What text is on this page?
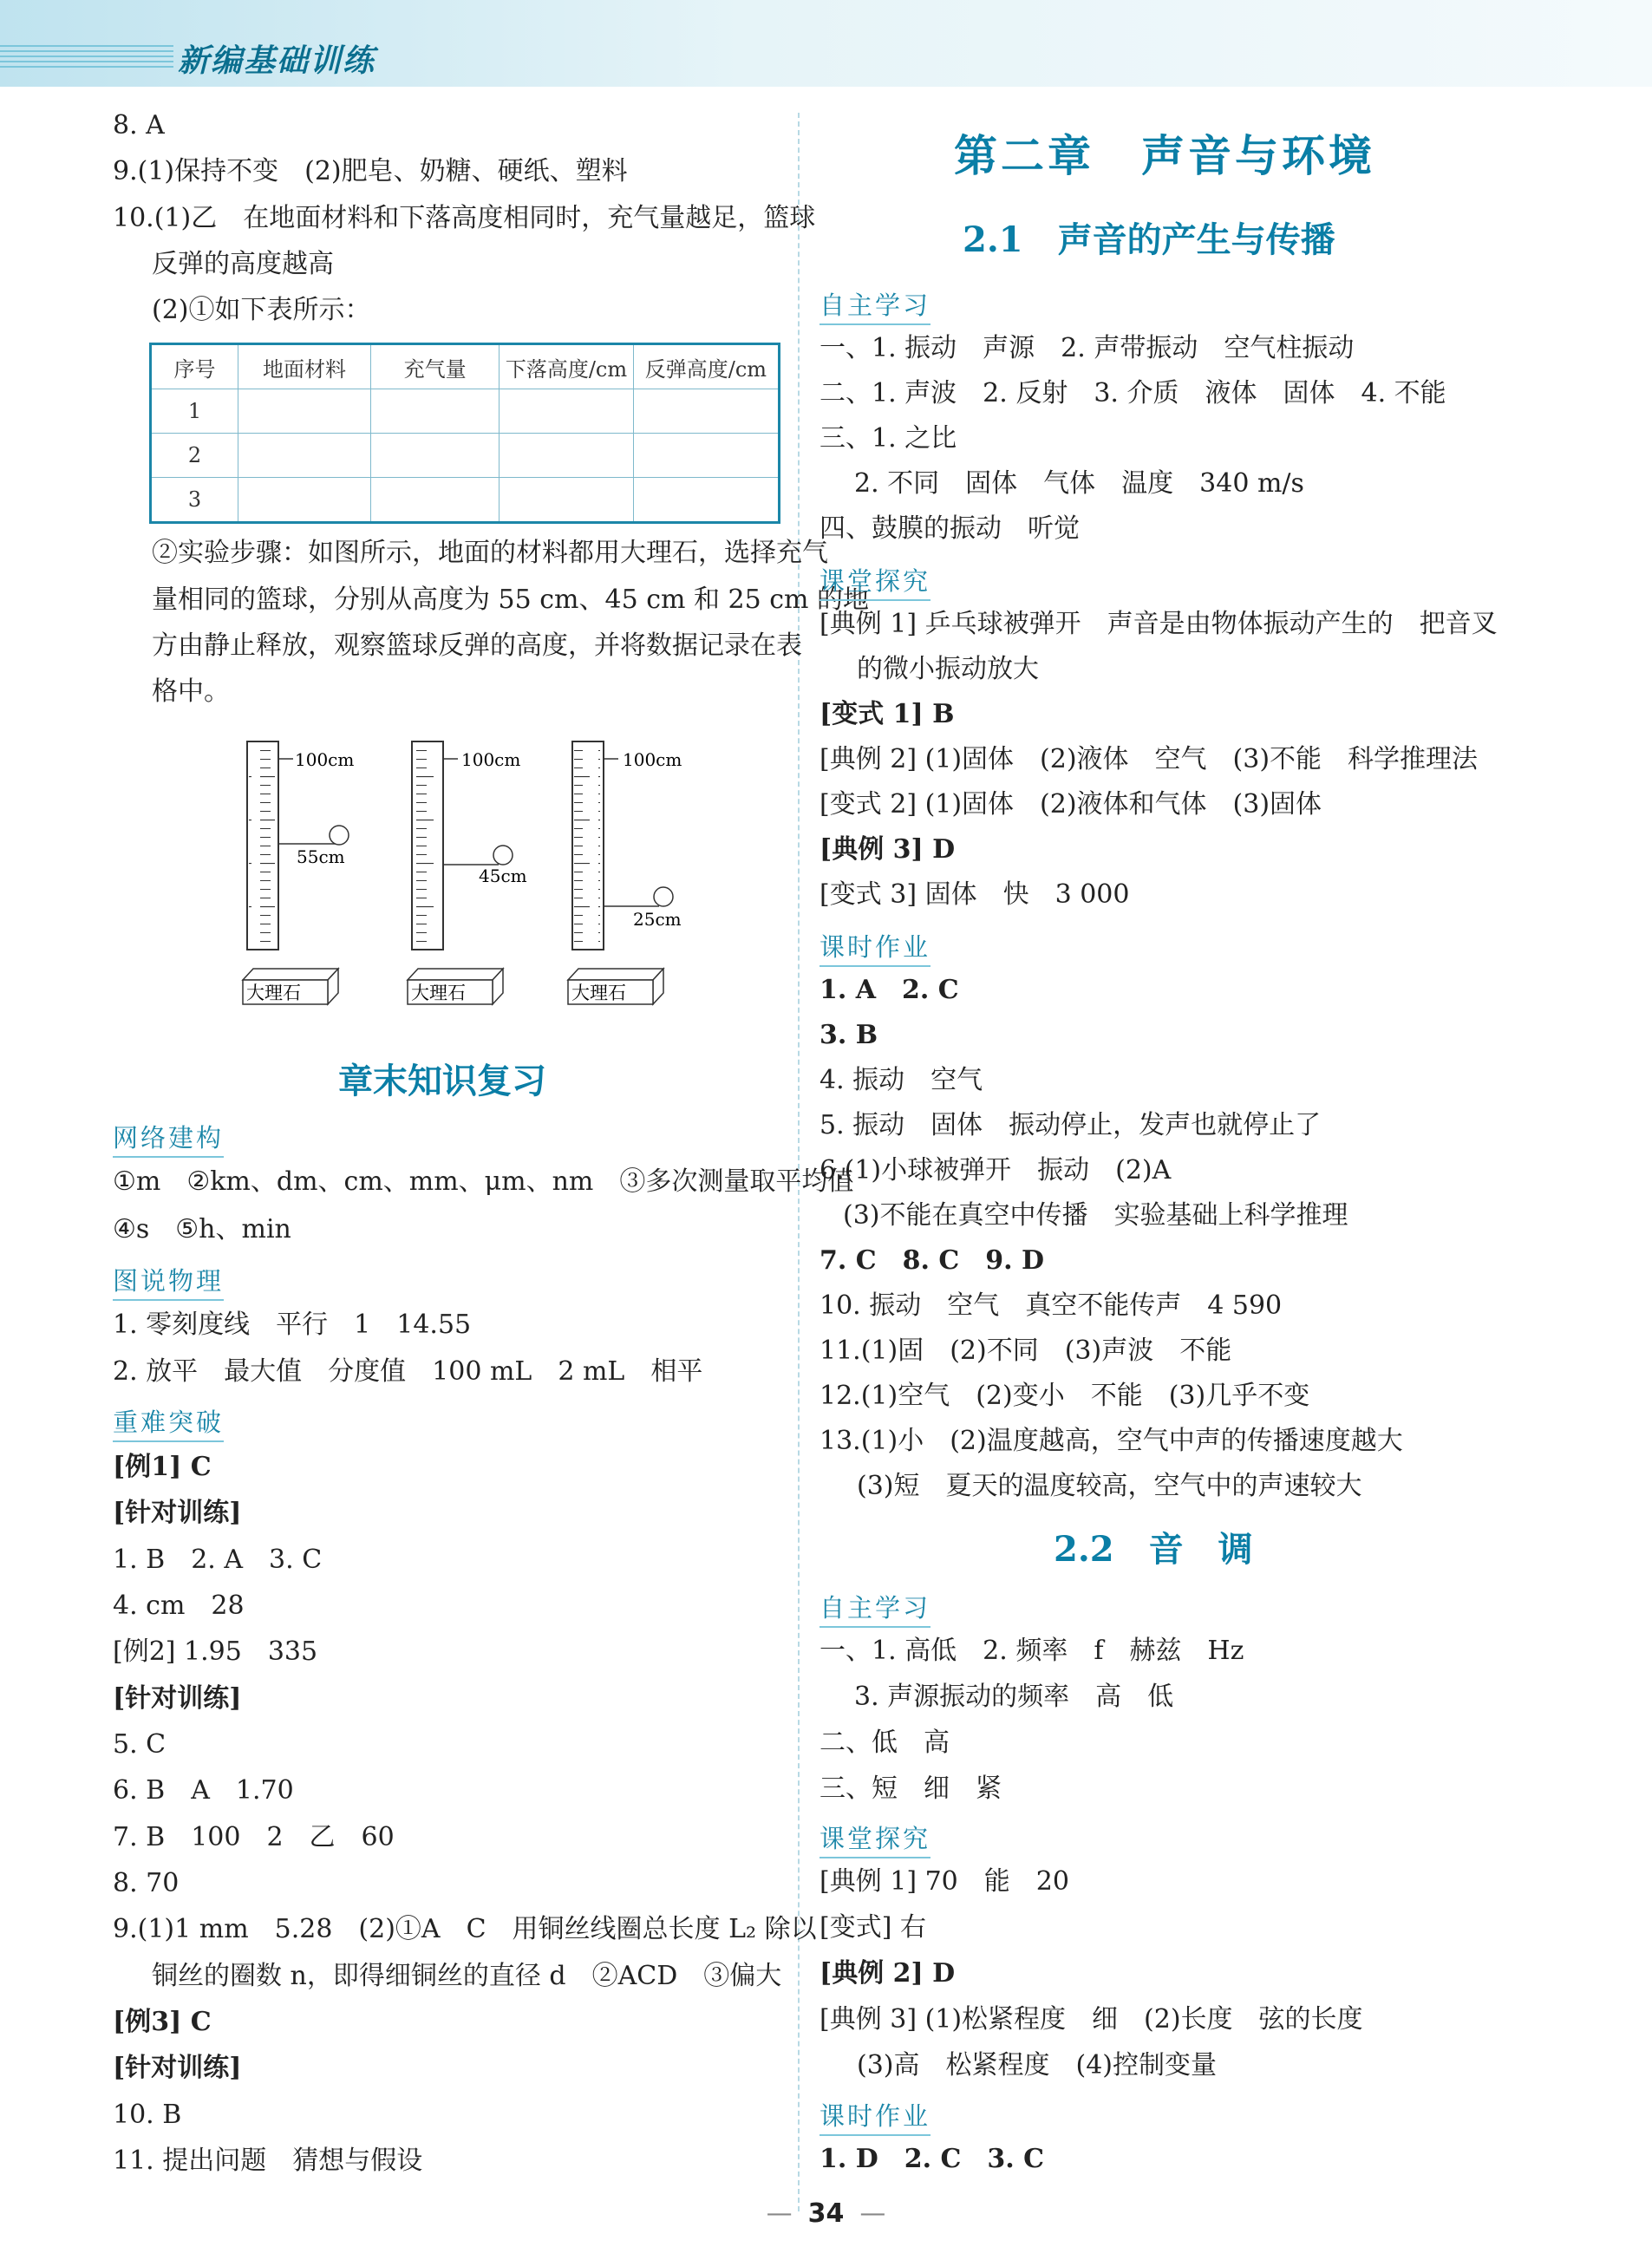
新编基础训练
8. A
9.(1)保持不变　(2)肥皂、奶糖、硬纸、塑料
10.(1)乙　在地面材料和下落高度相同时，充气量越足，篮球
反弹的高度越高
(2)①如下表所示：
序号	地面材料	充气量	下落高度/cm	反弹高度/cm
1				
2				
3				
②实验步骤：如图所示，地面的材料都用大理石，选择充气
量相同的篮球，分别从高度为 55 cm、45 cm 和 25 cm 的地
方由静止释放，观察篮球反弹的高度，并将数据记录在表
格中。
100cm
55cm
大理石
100cm
45cm
大理石
100cm
25cm
大理石
章末知识复习
网络建构
①m　②km、dm、cm、mm、μm、nm　③多次测量取平均值
④s　⑤h、min
图说物理
1. 零刻度线　平行　1　14.55
2. 放平　最大值　分度值　100 mL　2 mL　相平
重难突破
[例1] C
[针对训练]
1. B　2. A　3. C
4. cm　28
[例2] 1.95　335
[针对训练]
5. C
6. B　A　1.70
7. B　100　2　乙　60
8. 70
9.(1)1 mm　5.28　(2)①A　C　用铜丝线圈总长度 L₂ 除以
铜丝的圈数 n，即得细铜丝的直径 d　②ACD　③偏大
[例3] C
[针对训练]
10. B
11. 提出问题　猜想与假设
第二章　声音与环境
2.1　声音的产生与传播
自主学习
一、1. 振动　声源　2. 声带振动　空气柱振动
二、1. 声波　2. 反射　3. 介质　液体　固体　4. 不能
三、1. 之比
2. 不同　固体　气体　温度　340 m/s
四、鼓膜的振动　听觉
课堂探究
[典例 1] 乒乓球被弹开　声音是由物体振动产生的　把音叉
的微小振动放大
[变式 1] B
[典例 2] (1)固体　(2)液体　空气　(3)不能　科学推理法
[变式 2] (1)固体　(2)液体和气体　(3)固体
[典例 3] D
[变式 3] 固体　快　3 000
课时作业
1. A　2. C
3. B
4. 振动　空气
5. 振动　固体　振动停止，发声也就停止了
6.(1)小球被弹开　振动　(2)A
(3)不能在真空中传播　实验基础上科学推理
7. C　8. C　9. D
10. 振动　空气　真空不能传声　4 590
11.(1)固　(2)不同　(3)声波　不能
12.(1)空气　(2)变小　不能　(3)几乎不变
13.(1)小　(2)温度越高，空气中声的传播速度越大
(3)短　夏天的温度较高，空气中的声速较大
2.2　音　调
自主学习
一、1. 高低　2. 频率　f　赫兹　Hz
3. 声源振动的频率　高　低
二、低　高
三、短　细　紧
课堂探究
[典例 1] 70　能　20
[变式] 右
[典例 2] D
[典例 3] (1)松紧程度　细　(2)长度　弦的长度
(3)高　松紧程度　(4)控制变量
课时作业
1. D　2. C　3. C
— 34 —
